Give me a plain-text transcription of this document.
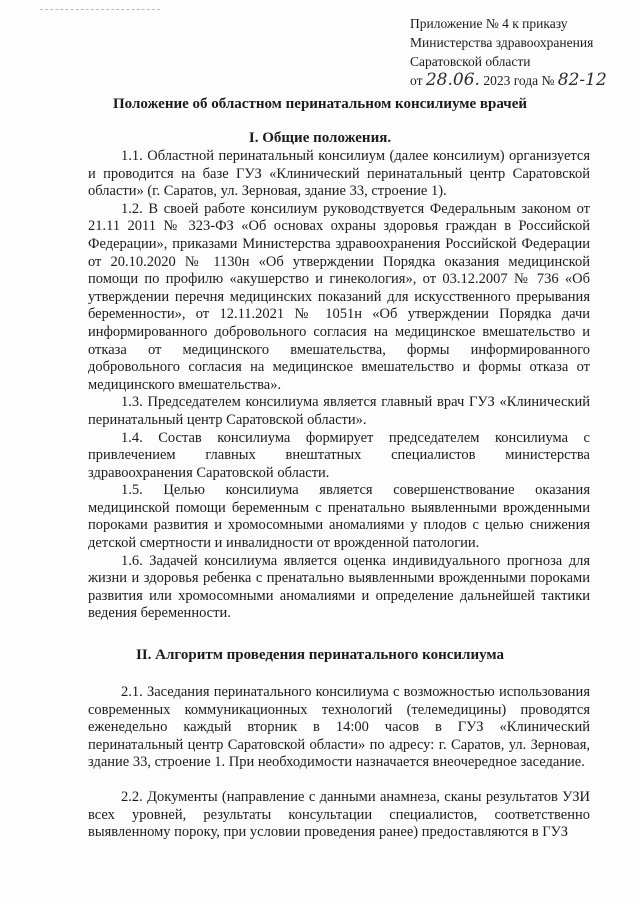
Приложение № 4 к приказу
Министерства здравоохранения
Саратовской области
от 28.06. 2023 года № 82-12
Положение об областном перинатальном консилиуме врачей
I. Общие положения.

1.1. Областной перинатальный консилиум (далее консилиум) организуется и проводится на базе ГУЗ «Клинический перинатальный центр Саратовской области» (г. Саратов, ул. Зерновая, здание 33, строение 1).

1.2. В своей работе консилиум руководствуется Федеральным законом от 21.11 2011 № 323-ФЗ «Об основах охраны здоровья граждан в Российской Федерации», приказами Министерства здравоохранения Российской Федерации от 20.10.2020 № 1130н «Об утверждении Порядка оказания медицинской помощи по профилю «акушерство и гинекология», от 03.12.2007 № 736 «Об утверждении перечня медицинских показаний для искусственного прерывания беременности», от 12.11.2021 № 1051н «Об утверждении Порядка дачи информированного добровольного согласия на медицинское вмешательство и отказа от медицинского вмешательства, формы информированного добровольного согласия на медицинское вмешательство и формы отказа от медицинского вмешательства».

1.3. Председателем консилиума является главный врач ГУЗ «Клинический перинатальный центр Саратовской области».

1.4. Состав консилиума формирует председателем консилиума с привлечением главных внештатных специалистов министерства здравоохранения Саратовской области.

1.5. Целью консилиума является совершенствование оказания медицинской помощи беременным с пренатально выявленными врожденными пороками развития и хромосомными аномалиями у плодов с целью снижения детской смертности и инвалидности от врожденной патологии.

1.6. Задачей консилиума является оценка индивидуального прогноза для жизни и здоровья ребенка с пренатально выявленными врожденными пороками развития или хромосомными аномалиями и определение дальнейшей тактики ведения беременности.

II. Алгоритм проведения перинатального консилиума

2.1. Заседания перинатального консилиума с возможностью использования современных коммуникационных технологий (телемедицины) проводятся еженедельно каждый вторник в 14:00 часов в ГУЗ «Клинический перинатальный центр Саратовской области» по адресу: г. Саратов, ул. Зерновая, здание 33, строение 1. При необходимости назначается внеочередное заседание.

2.2. Документы (направление с данными анамнеза, сканы результатов УЗИ всех уровней, результаты консультации специалистов, соответственно выявленному пороку, при условии проведения ранее) предоставляются в ГУЗ
